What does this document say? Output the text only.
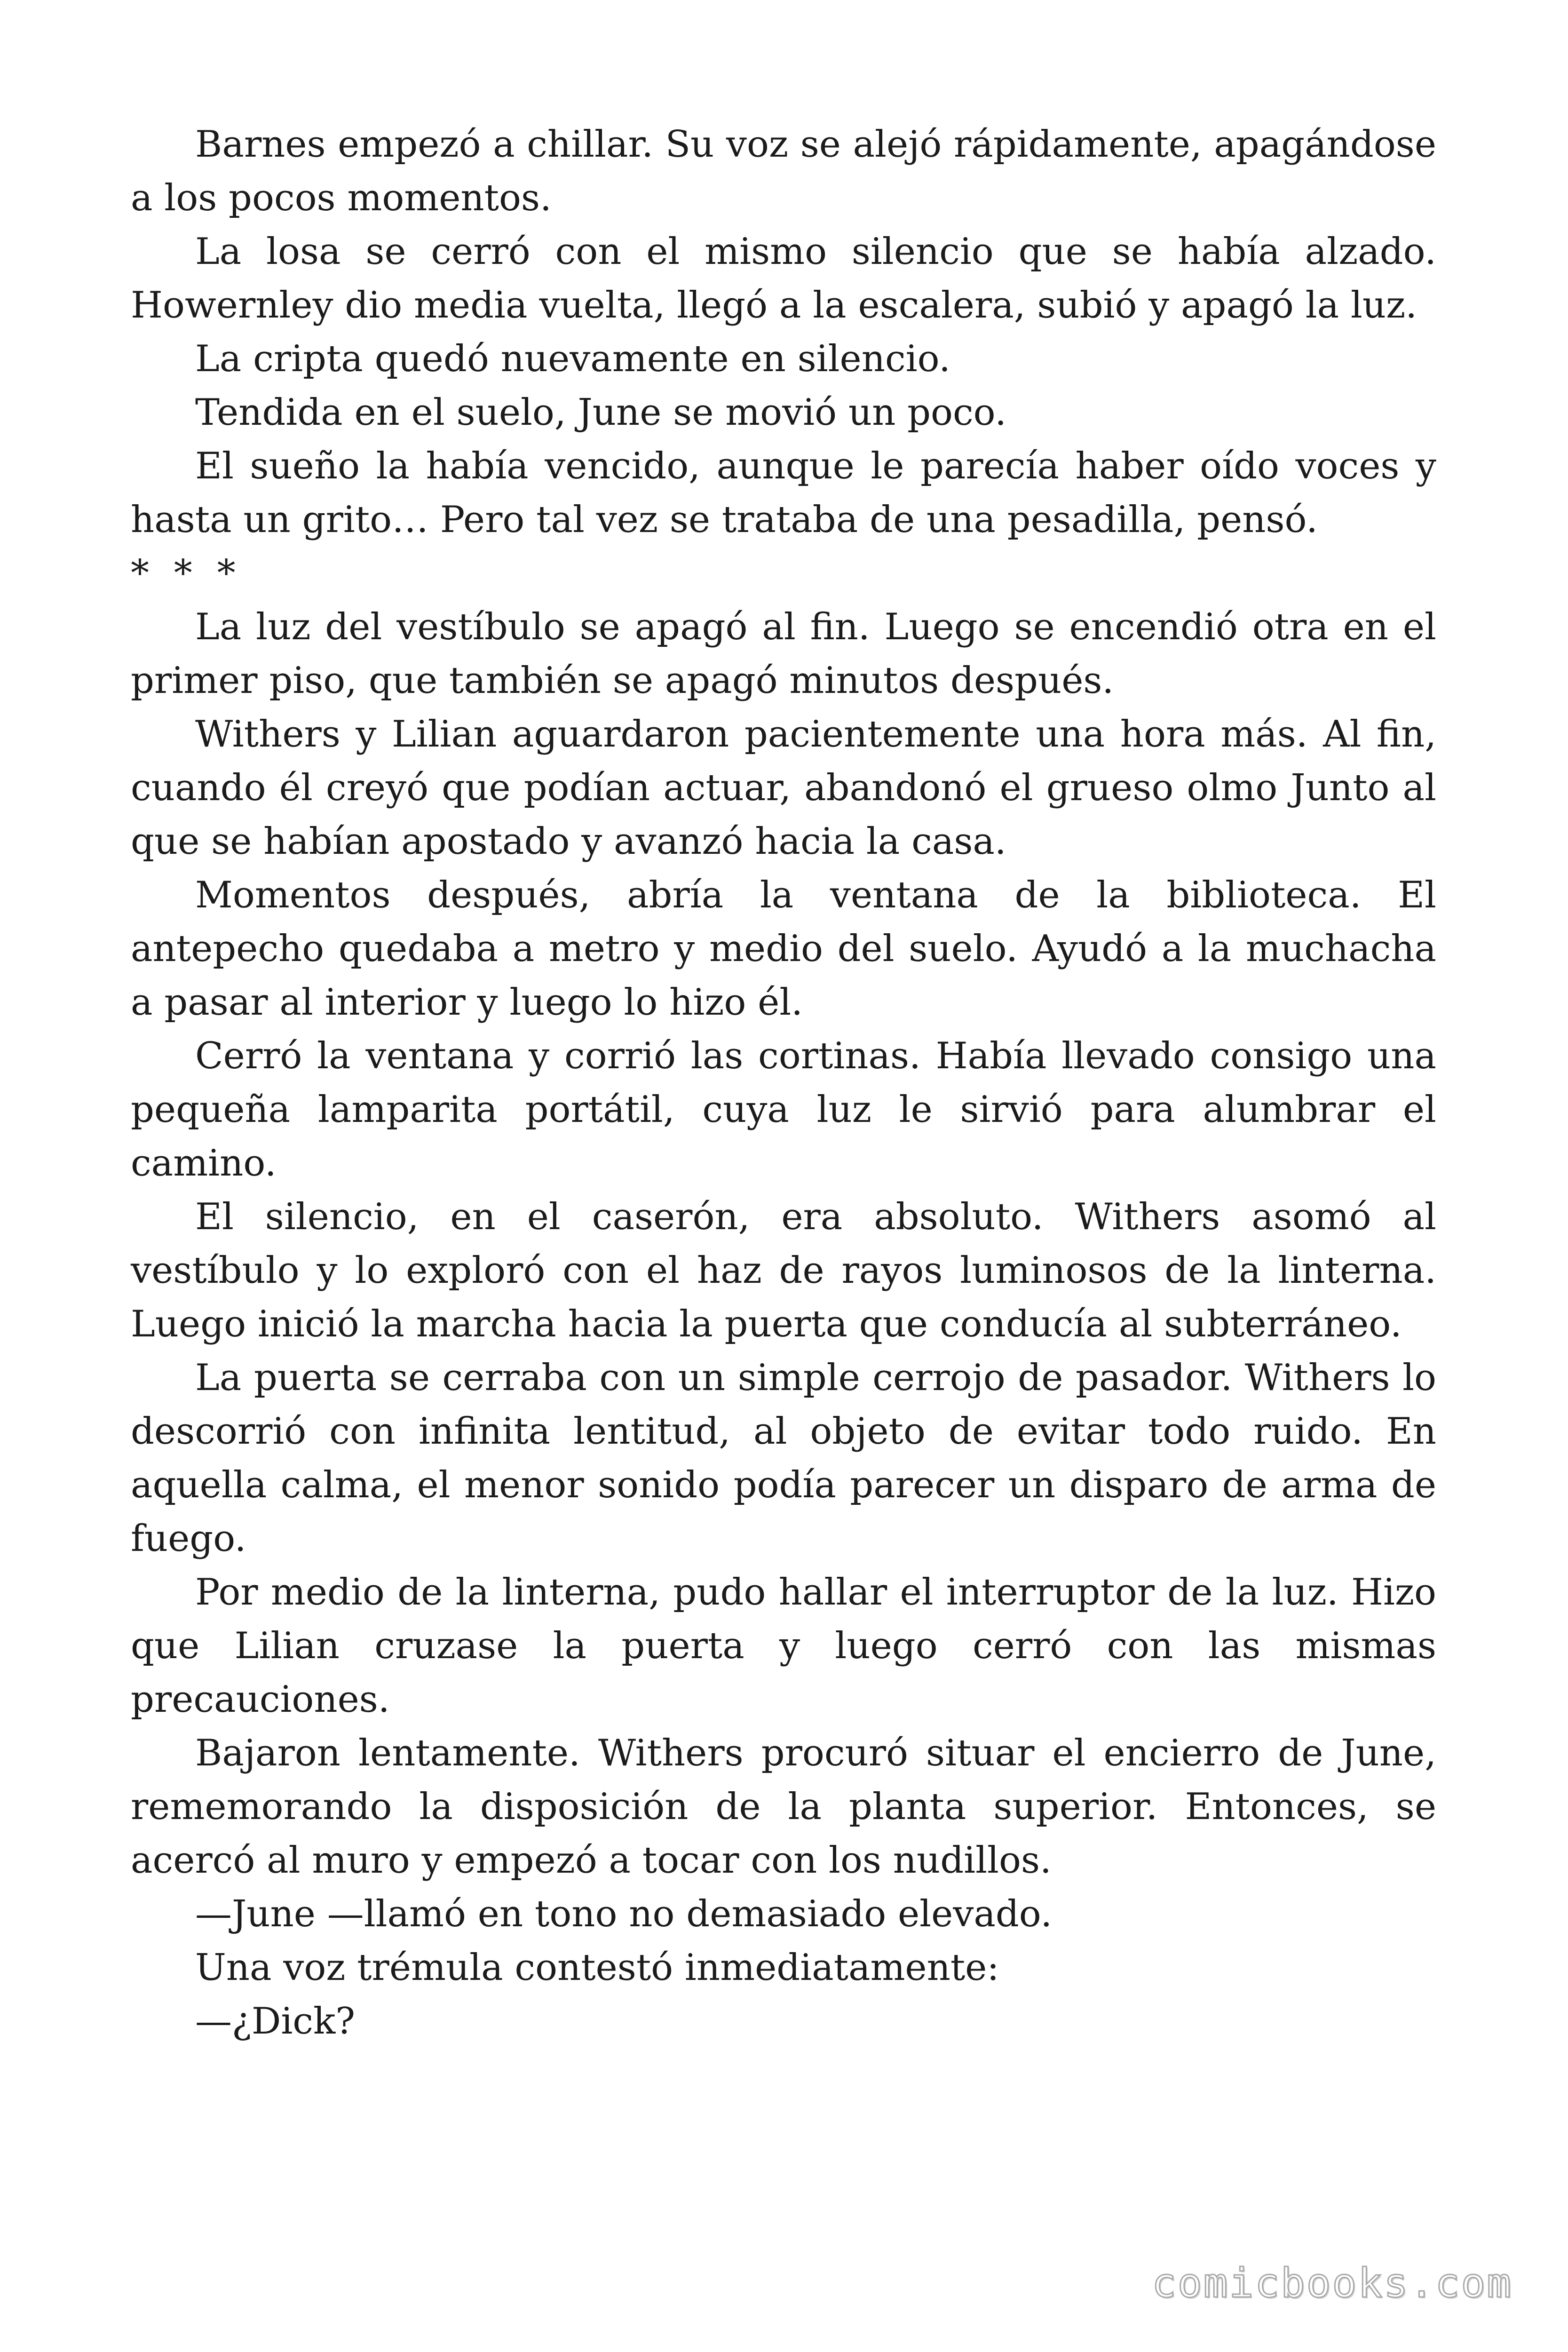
Barnes empezó a chillar. Su voz se alejó rápidamente, apagándose a los pocos momentos.

La losa se cerró con el mismo silencio que se había alzado. Howernley dio media vuelta, llegó a la escalera, subió y apagó la luz.

La cripta quedó nuevamente en silencio.

Tendida en el suelo, June se movió un poco.

El sueño la había vencido, aunque le parecía haber oído voces y hasta un grito… Pero tal vez se trataba de una pesadilla, pensó.

* * *

La luz del vestíbulo se apagó al fin. Luego se encendió otra en el primer piso, que también se apagó minutos después.

Withers y Lilian aguardaron pacientemente una hora más. Al fin, cuando él creyó que podían actuar, abandonó el grueso olmo Junto al que se habían apostado y avanzó hacia la casa.

Momentos después, abría la ventana de la biblioteca. El antepecho quedaba a metro y medio del suelo. Ayudó a la muchacha a pasar al interior y luego lo hizo él.

Cerró la ventana y corrió las cortinas. Había llevado consigo una pequeña lamparita portátil, cuya luz le sirvió para alumbrar el camino.

El silencio, en el caserón, era absoluto. Withers asomó al vestíbulo y lo exploró con el haz de rayos luminosos de la linterna. Luego inició la marcha hacia la puerta que conducía al subterráneo.

La puerta se cerraba con un simple cerrojo de pasador. Withers lo descorrió con infinita lentitud, al objeto de evitar todo ruido. En aquella calma, el menor sonido podía parecer un disparo de arma de fuego.

Por medio de la linterna, pudo hallar el interruptor de la luz. Hizo que Lilian cruzase la puerta y luego cerró con las mismas precauciones.

Bajaron lentamente. Withers procuró situar el encierro de June, rememorando la disposición de la planta superior. Entonces, se acercó al muro y empezó a tocar con los nudillos.

—June —llamó en tono no demasiado elevado.

Una voz trémula contestó inmediatamente:

—¿Dick?

comicbooks.com
